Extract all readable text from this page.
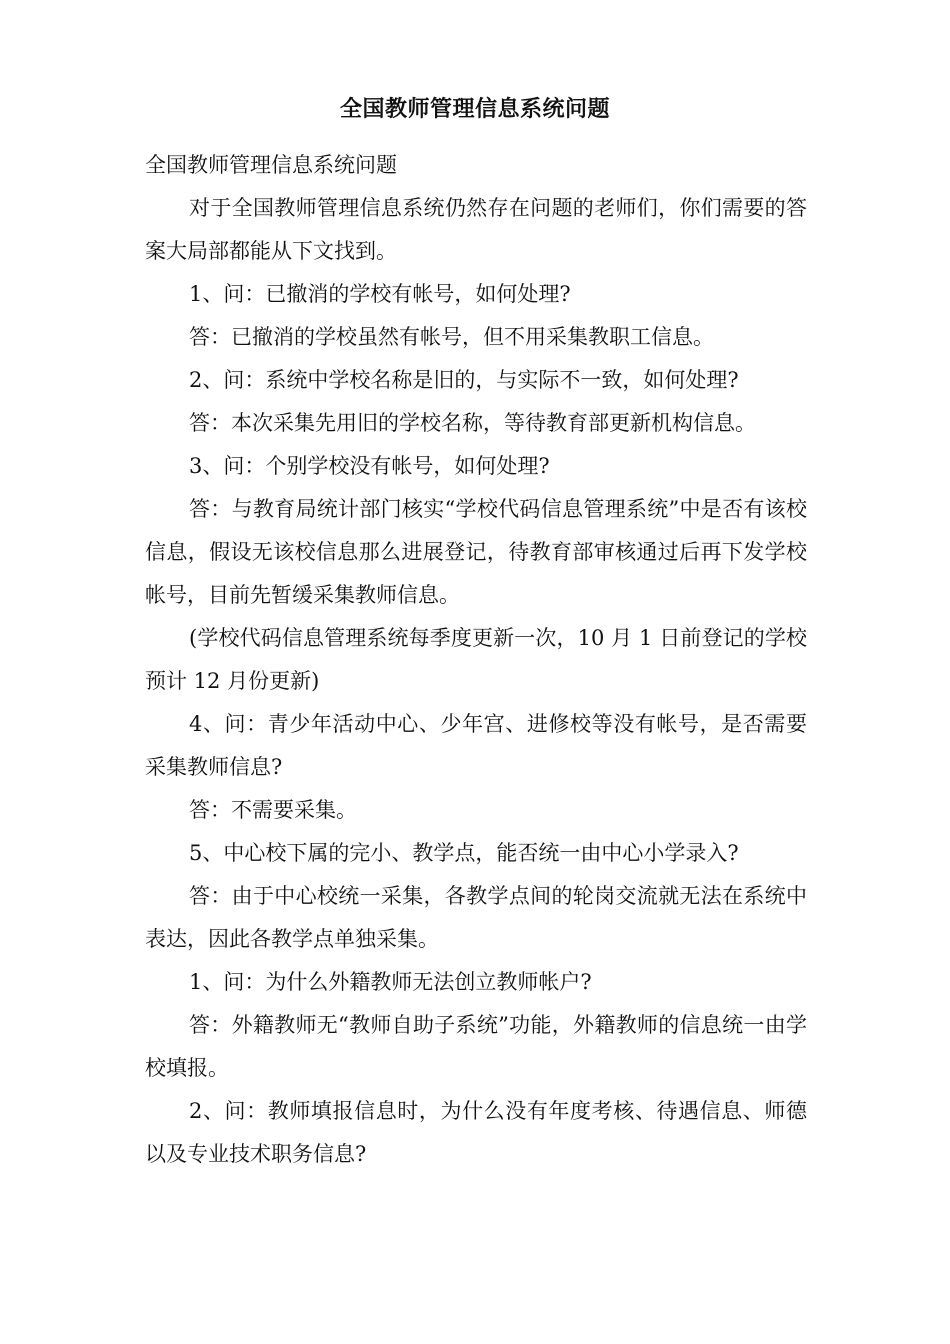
全国教师管理信息系统问题

全国教师管理信息系统问题

对于全国教师管理信息系统仍然存在问题的老师们，你们需要的答案大局部都能从下文找到。

1、问：已撤消的学校有帐号，如何处理?

答：已撤消的学校虽然有帐号，但不用采集教职工信息。

2、问：系统中学校名称是旧的，与实际不一致，如何处理?

答：本次采集先用旧的学校名称，等待教育部更新机构信息。

3、问：个别学校没有帐号，如何处理?

答：与教育局统计部门核实“学校代码信息管理系统”中是否有该校信息，假设无该校信息那么进展登记，待教育部审核通过后再下发学校帐号，目前先暂缓采集教师信息。

(学校代码信息管理系统每季度更新一次，10 月 1 日前登记的学校预计 12 月份更新)

4、问：青少年活动中心、少年宫、进修校等没有帐号，是否需要采集教师信息?

答：不需要采集。

5、中心校下属的完小、教学点，能否统一由中心小学录入?

答：由于中心校统一采集，各教学点间的轮岗交流就无法在系统中表达，因此各教学点单独采集。

1、问：为什么外籍教师无法创立教师帐户?

答：外籍教师无“教师自助子系统”功能，外籍教师的信息统一由学校填报。

2、问：教师填报信息时，为什么没有年度考核、待遇信息、师德以及专业技术职务信息?
